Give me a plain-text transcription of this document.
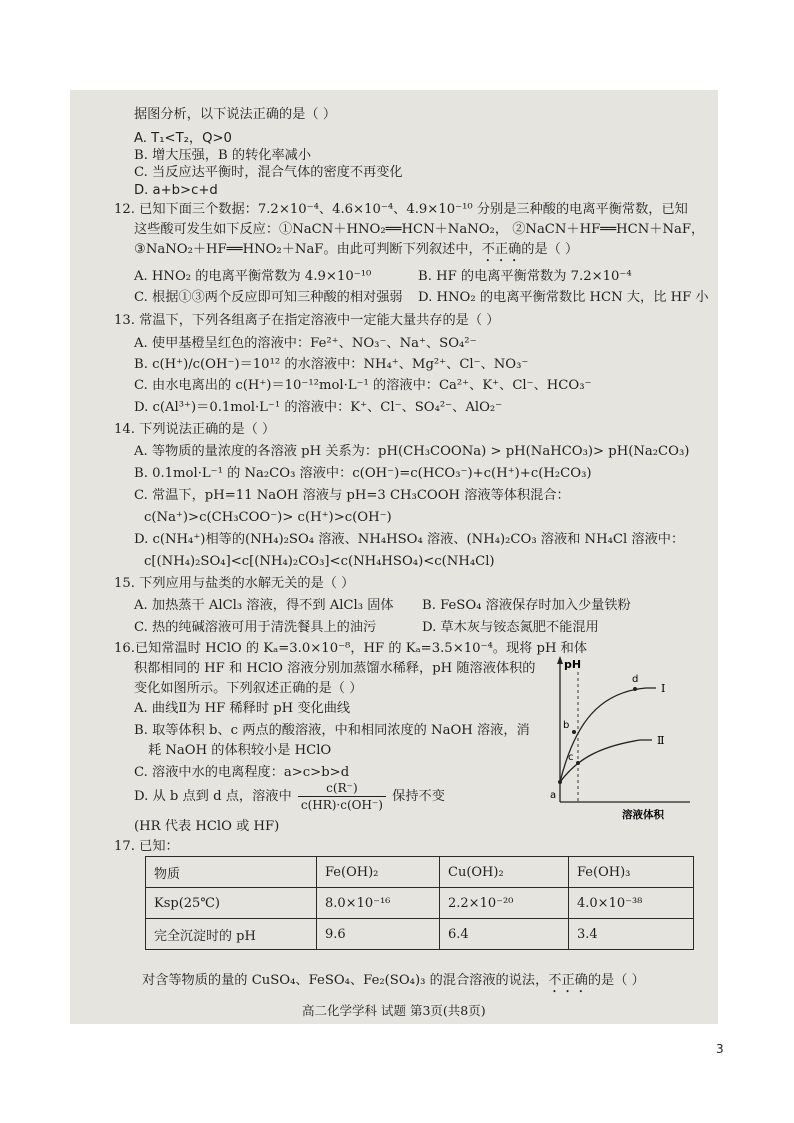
据图分析，以下说法正确的是（ ）
A. T₁<T₂，Q>0
B. 增大压强，B 的转化率减小
C. 当反应达平衡时，混合气体的密度不再变化
D. a+b>c+d
12. 已知下面三个数据：7.2×10⁻⁴、4.6×10⁻⁴、4.9×10⁻¹⁰ 分别是三种酸的电离平衡常数，已知
这些酸可发生如下反应：①NaCN＋HNO₂══HCN＋NaNO₂， ②NaCN＋HF══HCN＋NaF，
③NaNO₂＋HF══HNO₂＋NaF。由此可判断下列叙述中，不正确的是（ ）
A. HNO₂ 的电离平衡常数为 4.9×10⁻¹⁰	B. HF 的电离平衡常数为 7.2×10⁻⁴
C. 根据①③两个反应即可知三种酸的相对强弱 D. HNO₂ 的电离平衡常数比 HCN 大，比 HF 小
13. 常温下，下列各组离子在指定溶液中一定能大量共存的是（ ）
A. 使甲基橙呈红色的溶液中：Fe²⁺、NO₃⁻、Na⁺、SO₄²⁻
B. c(H⁺)/c(OH⁻)＝10¹² 的水溶液中：NH₄⁺、Mg²⁺、Cl⁻、NO₃⁻
C. 由水电离出的 c(H⁺)＝10⁻¹²mol·L⁻¹ 的溶液中：Ca²⁺、K⁺、Cl⁻、HCO₃⁻
D. c(Al³⁺)＝0.1mol·L⁻¹ 的溶液中：K⁺、Cl⁻、SO₄²⁻、AlO₂⁻
14. 下列说法正确的是（ ）
A. 等物质的量浓度的各溶液 pH 关系为：pH(CH₃COONa) > pH(NaHCO₃)> pH(Na₂CO₃)
B. 0.1mol·L⁻¹ 的 Na₂CO₃ 溶液中：c(OH⁻)=c(HCO₃⁻)+c(H⁺)+c(H₂CO₃)
C. 常温下，pH=11 NaOH 溶液与 pH=3 CH₃COOH 溶液等体积混合：
c(Na⁺)>c(CH₃COO⁻)> c(H⁺)>c(OH⁻)
D. c(NH₄⁺)相等的(NH₄)₂SO₄ 溶液、NH₄HSO₄ 溶液、(NH₄)₂CO₃ 溶液和 NH₄Cl 溶液中：
c[(NH₄)₂SO₄]<c[(NH₄)₂CO₃]<c(NH₄HSO₄)<c(NH₄Cl)
15. 下列应用与盐类的水解无关的是（ ）
A. 加热蒸干 AlCl₃ 溶液，得不到 AlCl₃ 固体 B. FeSO₄ 溶液保存时加入少量铁粉
C. 热的纯碱溶液可用于清洗餐具上的油污	D. 草木灰与铵态氮肥不能混用
16.已知常温时 HClO 的 Kₐ=3.0×10⁻⁸，HF 的 Kₐ=3.5×10⁻⁴。现将 pH 和体
积都相同的 HF 和 HClO 溶液分别加蒸馏水稀释，pH 随溶液体积的
变化如图所示。下列叙述正确的是（ ）
A. 曲线Ⅱ为 HF 稀释时 pH 变化曲线
B. 取等体积 b、c 两点的酸溶液，中和相同浓度的 NaOH 溶液，消
耗 NaOH 的体积较小是 HClO
C. 溶液中水的电离程度：a>c>b>d
D. 从 b 点到 d 点，溶液中 $\frac{c(R^-)}{c(HR)\cdot c(OH^-)}$ 保持不变
(HR 代表 HClO 或 HF)
pH
a
b
c
d
Ⅰ
Ⅱ
溶液体积
17. 已知：
物质	Fe(OH)₂	Cu(OH)₂	Fe(OH)₃
Ksp(25℃)	8.0×10⁻¹⁶	2.2×10⁻²⁰	4.0×10⁻³⁸
完全沉淀时的 pH	9.6	6.4	3.4
对含等物质的量的 CuSO₄、FeSO₄、Fe₂(SO₄)₃ 的混合溶液的说法，不正确的是（ ）
高二化学学科 试题 第3页(共8页)
3
